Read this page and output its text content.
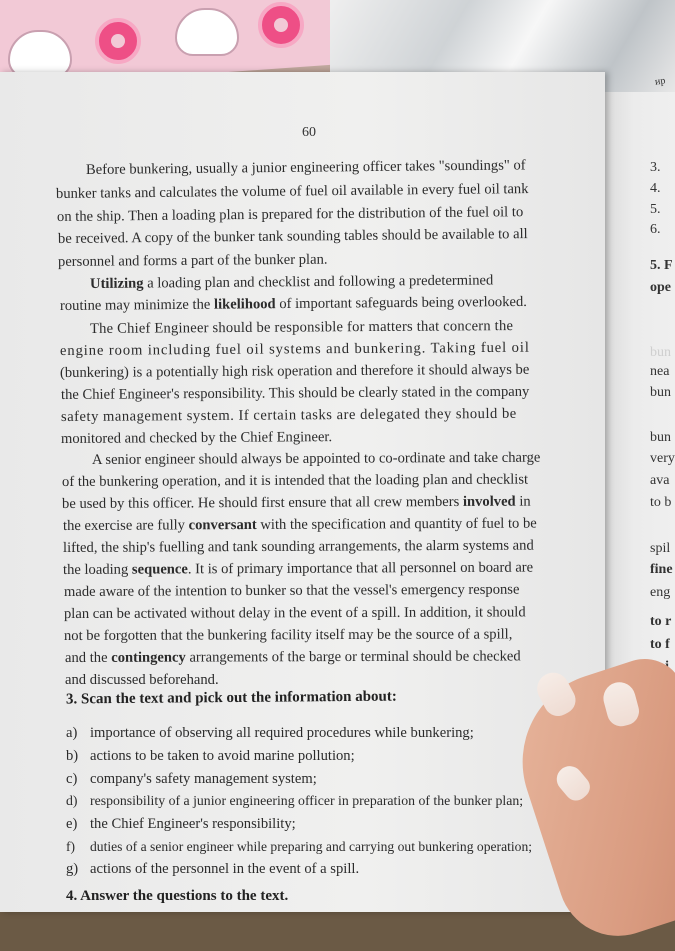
ир
3.
4.
5.
6.
5. F
ope
bun
nea
bun
bun
very
ava
to b
spil
fine
eng
to r
to f
60
Before bunkering, usually a junior engineering officer takes "soundings" of
bunker tanks and calculates the volume of fuel oil available in every fuel oil tank
on the ship. Then a loading plan is prepared for the distribution of the fuel oil to
be received. A copy of the bunker tank sounding tables should be available to all
personnel and forms a part of the bunker plan.
Utilizing a loading plan and checklist and following a predetermined
routine may minimize the likelihood of important safeguards being overlooked.
The Chief Engineer should be responsible for matters that concern the
engine room including fuel oil systems and bunkering. Taking fuel oil
(bunkering) is a potentially high risk operation and therefore it should always be
the Chief Engineer's responsibility. This should be clearly stated in the company
safety management system. If certain tasks are delegated they should be
monitored and checked by the Chief Engineer.
A senior engineer should always be appointed to co-ordinate and take charge
of the bunkering operation, and it is intended that the loading plan and checklist
be used by this officer. He should first ensure that all crew members involved in
the exercise are fully conversant with the specification and quantity of fuel to be
lifted, the ship's fuelling and tank sounding arrangements, the alarm systems and
the loading sequence. It is of primary importance that all personnel on board are
made aware of the intention to bunker so that the vessel's emergency response
plan can be activated without delay in the event of a spill. In addition, it should
not be forgotten that the bunkering facility itself may be the source of a spill,
and the contingency arrangements of the barge or terminal should be checked
and discussed beforehand.
3. Scan the text and pick out the information about:
a) importance of observing all required procedures while bunkering;
b) actions to be taken to avoid marine pollution;
c) company's safety management system;
d) responsibility of a junior engineering officer in preparation of the bunker plan;
e) the Chief Engineer's responsibility;
f) duties of a senior engineer while preparing and carrying out bunkering operation;
g) actions of the personnel in the event of a spill.
4. Answer the questions to the text.
